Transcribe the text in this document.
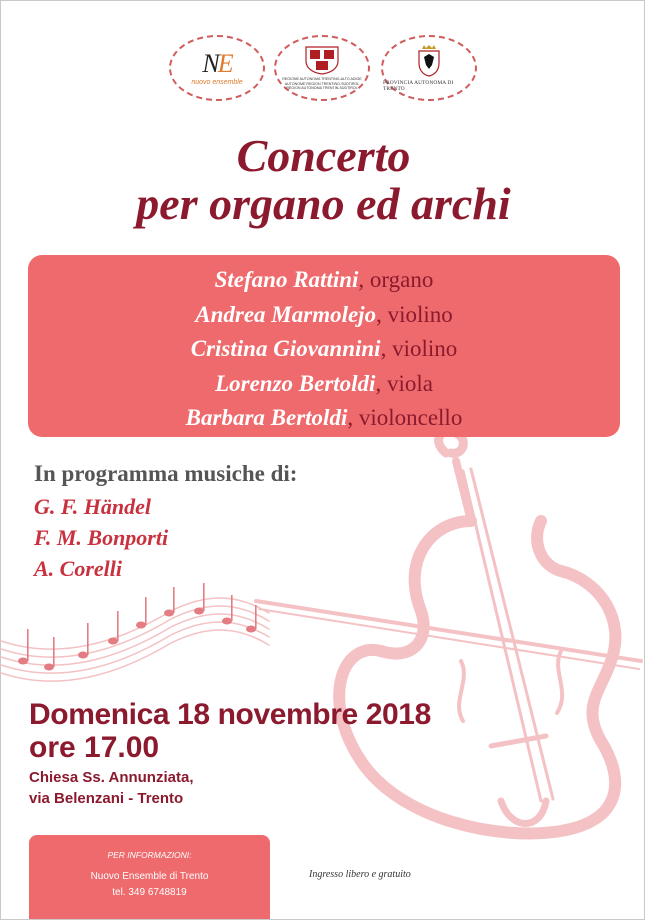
NE
nuovo ensemble	REGIONE AUTONOMA TRENTINO-ALTO ADIGE
AUTONOME REGION TRENTINO-SÜDTIROL
REGION AUTONOMA TRENTIN-SÜDTIROL
PROVINCIA AUTONOMA DI TRENTO
Concerto
per organo ed archi
Stefano Rattini, organo
Andrea Marmolejo, violino
Cristina Giovannini, violino
Lorenzo Bertoldi, viola
Barbara Bertoldi, violoncello
In programma musiche di:
G. F. Händel
F. M. Bonporti
A. Corelli
Domenica 18 novembre 2018
ore 17.00
Chiesa Ss. Annunziata,
via Belenzani - Trento
PER INFORMAZIONI:
Nuovo Ensemble di Trento
tel. 349 6748819
Ingresso libero e gratuito
